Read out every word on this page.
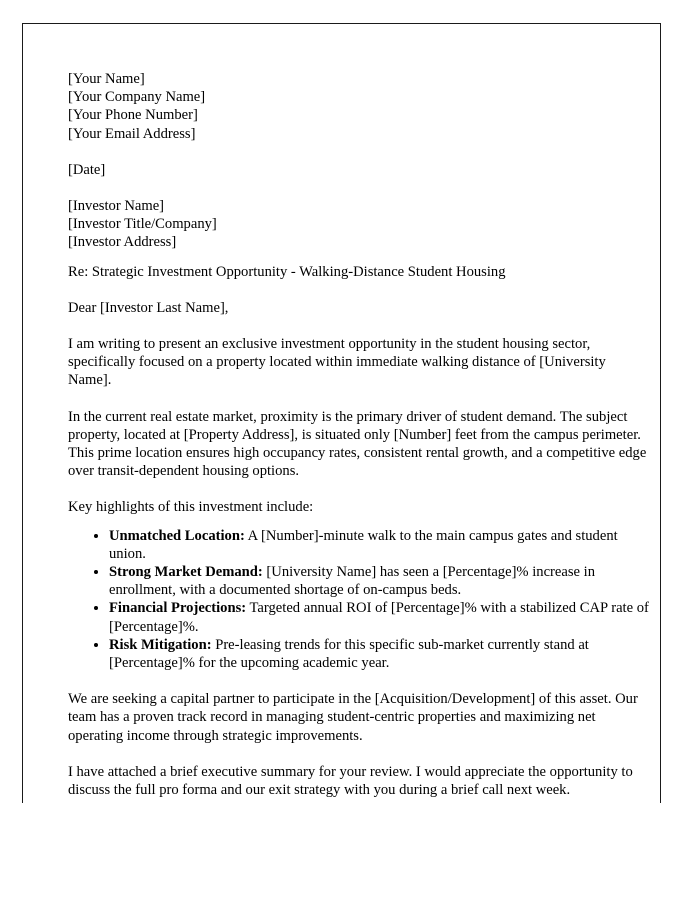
[Your Name]
[Your Company Name]
[Your Phone Number]
[Your Email Address]
[Date]
[Investor Name]
[Investor Title/Company]
[Investor Address]
Re: Strategic Investment Opportunity - Walking-Distance Student Housing
Dear [Investor Last Name],

I am writing to present an exclusive investment opportunity in the student housing sector, specifically focused on a property located within immediate walking distance of [University Name].

In the current real estate market, proximity is the primary driver of student demand. The subject property, located at [Property Address], is situated only [Number] feet from the campus perimeter. This prime location ensures high occupancy rates, consistent rental growth, and a competitive edge over transit-dependent housing options.

Key highlights of this investment include:

• Unmatched Location: A [Number]-minute walk to the main campus gates and student union.
• Strong Market Demand: [University Name] has seen a [Percentage]% increase in enrollment, with a documented shortage of on-campus beds.
• Financial Projections: Targeted annual ROI of [Percentage]% with a stabilized CAP rate of [Percentage]%.
• Risk Mitigation: Pre-leasing trends for this specific sub-market currently stand at [Percentage]% for the upcoming academic year.

We are seeking a capital partner to participate in the [Acquisition/Development] of this asset. Our team has a proven track record in managing student-centric properties and maximizing net operating income through strategic improvements.

I have attached a brief executive summary for your review. I would appreciate the opportunity to discuss the full pro forma and our exit strategy with you during a brief call next week.
